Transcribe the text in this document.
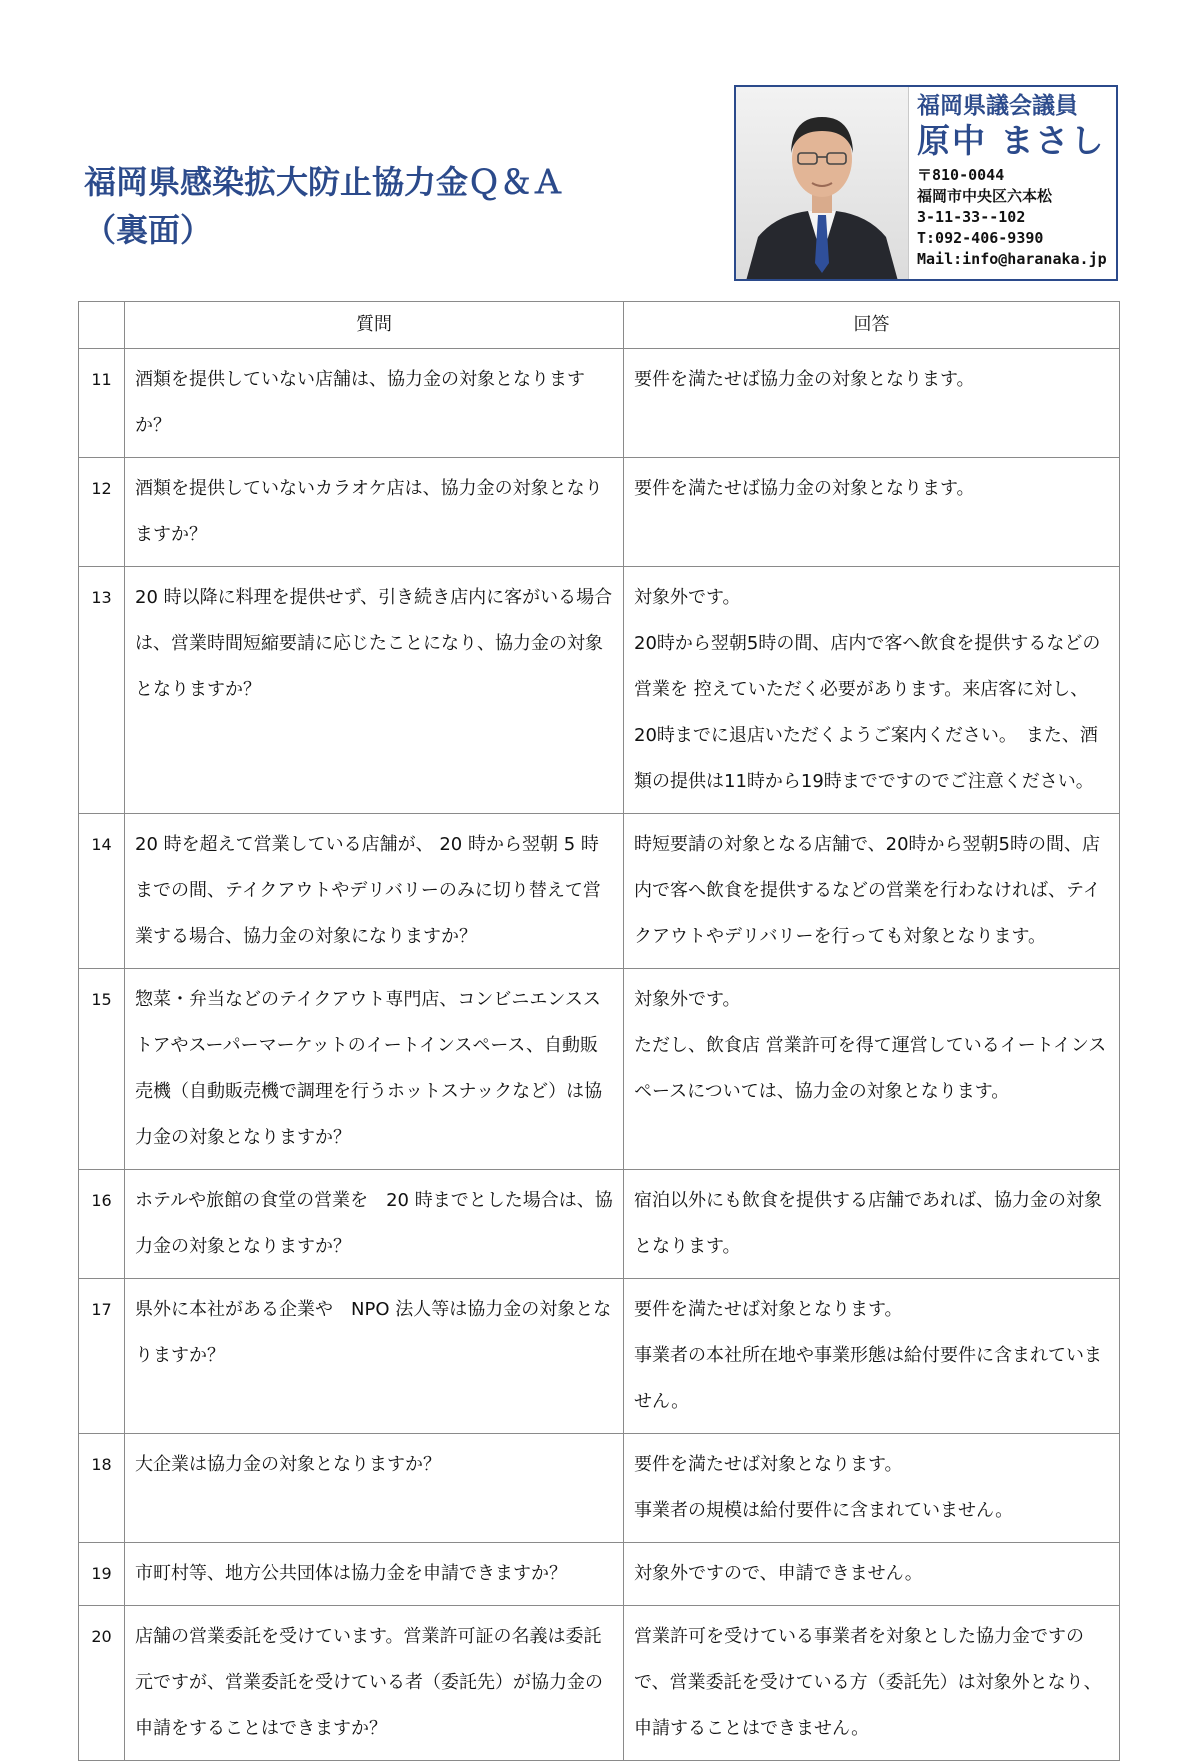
福岡県感染拡大防止協力金Ｑ＆Ａ
（裏面）
福岡県議会議員
原中 まさし
〒810-0044
福岡市中央区六本松
3-11-33--102
T:092-406-9390
Mail:info@haranaka.jp
	質問	回答
11	酒類を提供していない店舗は、協力金の対象となりますか？	要件を満たせば協力金の対象となります。

12	酒類を提供していないカラオケ店は、協力金の対象となりますか？	要件を満たせば協力金の対象となります。

13	20 時以降に料理を提供せず、引き続き店内に客がいる場合は、営業時間短縮要請に応じたことになり、協力金の対象となりますか？	対象外です。
20時から翌朝5時の間、店内で客へ飲食を提供するなどの営業を 控えていただく必要があります。来店客に対し、20時までに退店いただくようご案内ください。　また、酒類の提供は11時から19時までですのでご注意ください。

14	20 時を超えて営業している店舗が、 20 時から翌朝 5 時までの間、テイクアウトやデリバリーのみに切り替えて営業する場合、協力金の対象になりますか？	時短要請の対象となる店舗で、20時から翌朝5時の間、店内で客へ飲食を提供するなどの営業を行わなければ、テイクアウトやデリバリーを行っても対象となります。

15	惣菜・弁当などのテイクアウト専門店、コンビニエンスストアやスーパーマーケットのイートインスペース、自動販売機（自動販売機で調理を行うホットスナックなど）は協力金の対象となりますか？	対象外です。
ただし、飲食店 営業許可を得て運営しているイートインスペースについては、協力金の対象となります。

16	ホテルや旅館の食堂の営業を　20 時までとした場合は、協力金の対象となりますか？	宿泊以外にも飲食を提供する店舗であれば、協力金の対象となります。

17	県外に本社がある企業や　NPO 法人等は協力金の対象となりますか？	要件を満たせば対象となります。
事業者の本社所在地や事業形態は給付要件に含まれていません。

18	大企業は協力金の対象となりますか？	要件を満たせば対象となります。
事業者の規模は給付要件に含まれていません。

19	市町村等、地方公共団体は協力金を申請できますか？	対象外ですので、申請できません。

20	店舗の営業委託を受けています。営業許可証の名義は委託元ですが、営業委託を受けている者（委託先）が協力金の申請をすることはできますか？	営業許可を受けている事業者を対象とした協力金ですので、営業委託を受けている方（委託先）は対象外となり、申請することはできません。
